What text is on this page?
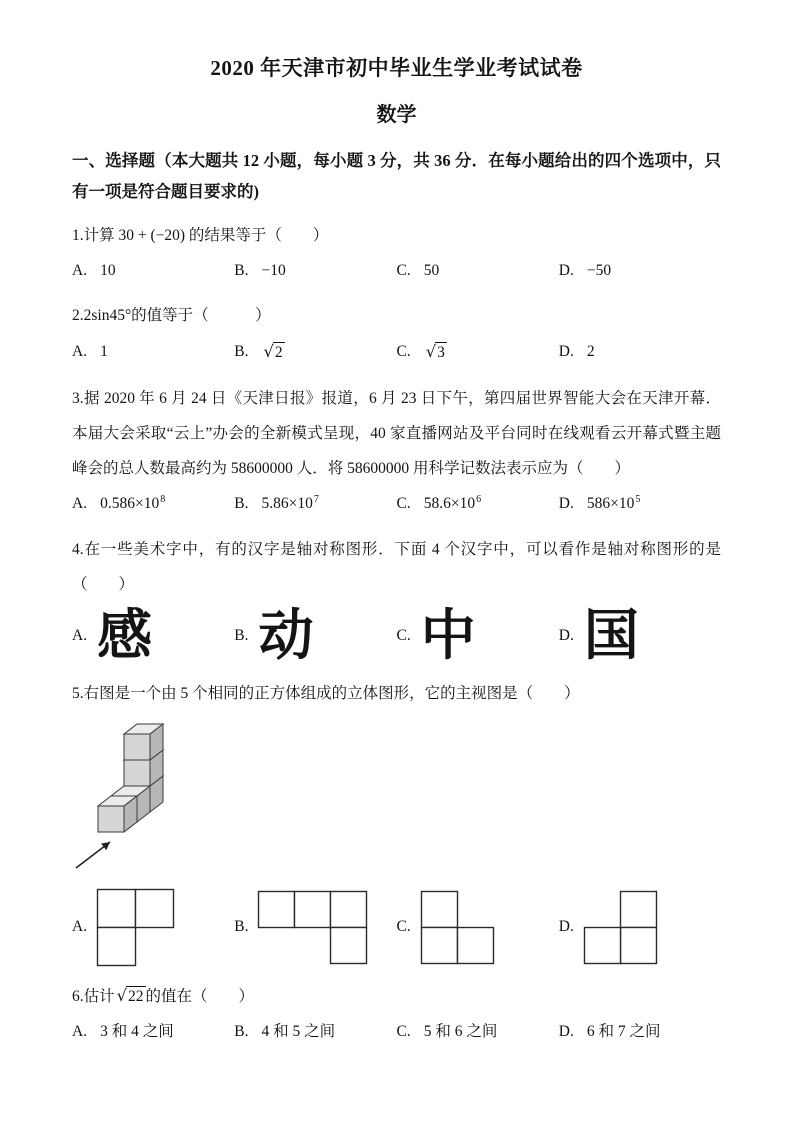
2020 年天津市初中毕业生学业考试试卷
数学

一、选择题（本大题共 12 小题，每小题 3 分，共 36 分．在每小题给出的四个选项中，只有一项是符合题目要求的)

1.计算 30 + (−20) 的结果等于（　　）

A. 10	B. −10	C. 50	D. −50

2.2sin45°的值等于（　　　）

A. 1	B. √2	C. √3	D. 2

3.据 2020 年 6 月 24 日《天津日报》报道，6 月 23 日下午，第四届世界智能大会在天津开幕．本届大会采取“云上”办会的全新模式呈现，40 家直播网站及平台同时在线观看云开幕式暨主题峰会的总人数最高约为 58600000 人．将 58600000 用科学记数法表示应为（　　）

A. $0.586\times 10^8$	B. $5.86\times 10^7$	C. $58.6\times 10^6$	D. $586\times 10^5$

4.在一些美术字中，有的汉字是轴对称图形．下面 4 个汉字中，可以看作是轴对称图形的是（　　）

A. 感	B. 动	C. 中	D. 国

5.右图是一个由 5 个相同的正方体组成的立体图形，它的主视图是（　　）

A.	B.	C.	D.

6.估计 √22 的值在（　　）

A. 3 和 4 之间	B. 4 和 5 之间	C. 5 和 6 之间	D. 6 和 7 之间
